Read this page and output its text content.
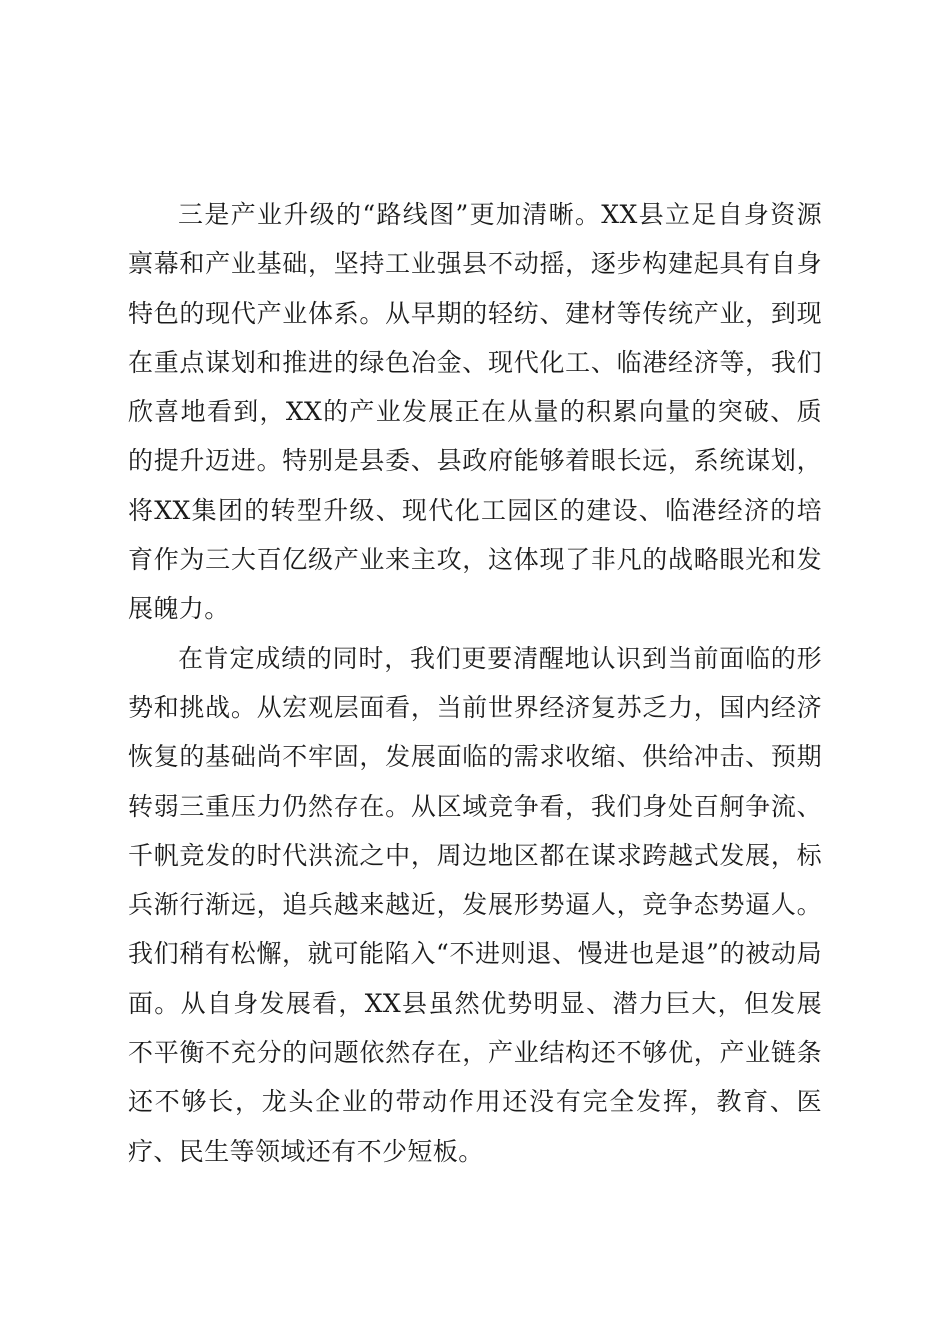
三是产业升级的“路线图”更加清晰。XX县立足自身资源禀幕和产业基础，坚持工业强县不动摇，逐步构建起具有自身特色的现代产业体系。从早期的轻纺、建材等传统产业，到现在重点谋划和推进的绿色冶金、现代化工、临港经济等，我们欣喜地看到，XX的产业发展正在从量的积累向量的突破、质的提升迈进。特别是县委、县政府能够着眼长远，系统谋划，将XX集团的转型升级、现代化工园区的建设、临港经济的培育作为三大百亿级产业来主攻，这体现了非凡的战略眼光和发展魄力。

在肯定成绩的同时，我们更要清醒地认识到当前面临的形势和挑战。从宏观层面看，当前世界经济复苏乏力，国内经济恢复的基础尚不牢固，发展面临的需求收缩、供给冲击、预期转弱三重压力仍然存在。从区域竞争看，我们身处百舸争流、千帆竞发的时代洪流之中，周边地区都在谋求跨越式发展，标兵渐行渐远，追兵越来越近，发展形势逼人，竞争态势逼人。我们稍有松懈，就可能陷入“不进则退、慢进也是退”的被动局面。从自身发展看，XX县虽然优势明显、潜力巨大，但发展不平衡不充分的问题依然存在，产业结构还不够优，产业链条还不够长，龙头企业的带动作用还没有完全发挥，教育、医疗、民生等领域还有不少短板。
